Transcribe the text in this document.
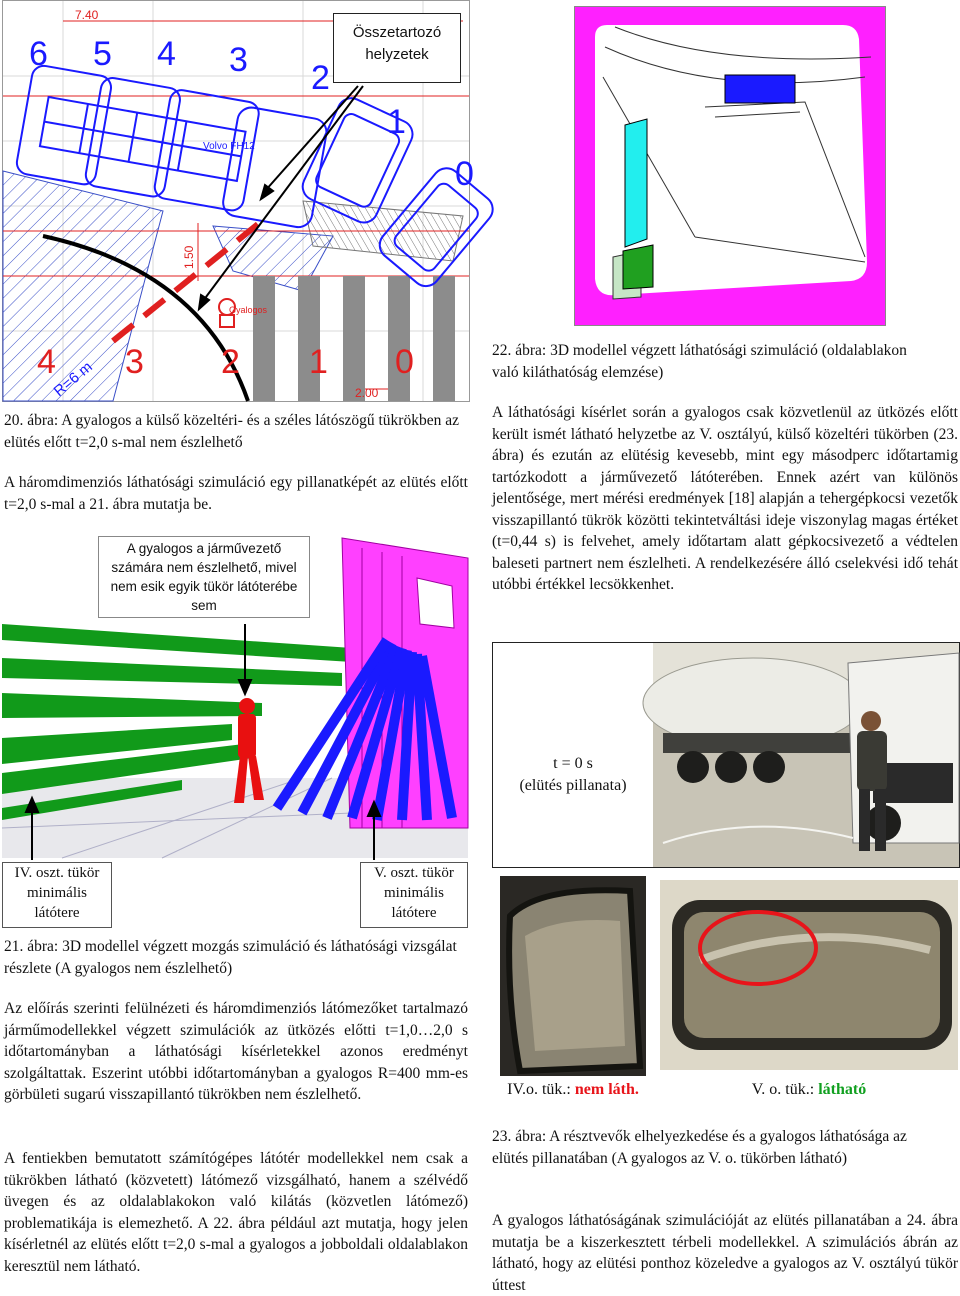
6 5 4 3 2
1
0
7.40
1.50
2.00
Volvo FH12
Gyalogos
R=6 m
4 3 2 1 0
Összetartozó helyzetek

20. ábra: A gyalogos a külső közeltéri- és a széles látószögű tükrökben az elütés előtt t=2,0 s-mal nem észlelhető

A háromdimenziós láthatósági szimuláció egy pillanatképét az elütés előtt t=2,0 s-mal a 21. ábra mutatja be.

A gyalogos a járművezető számára nem észlelhető, mivel nem esik egyik tükör látóterébe sem
IV. oszt. tükör minimális látótere
V. oszt. tükör minimális látótere

21. ábra: 3D modellel végzett mozgás szimuláció és láthatósági vizsgálat részlete (A gyalogos nem észlelhető)

Az előírás szerinti felülnézeti és háromdimenziós látómezőket tartalmazó járműmodellekkel végzett szimulációk az ütközés előtti t=1,0…2,0 s időtartományban a láthatósági kísérletekkel azonos eredményt szolgáltattak. Eszerint utóbbi időtartományban a gyalogos R=400 mm-es görbületi sugarú visszapillantó tükrökben nem észlelhető.

A fentiekben bemutatott számítógépes látótér modellekkel nem csak a tükrökben látható (közvetett) látómező vizsgálható, hanem a szélvédő üvegen és az oldalablakokon való kilátás (közvetlen látómező) problematikája is elemezhető. A 22. ábra például azt mutatja, hogy jelen kísérletnél az elütés előtt t=2,0 s-mal a gyalogos a jobboldali oldalablakon keresztül nem látható.

22. ábra: 3D modellel végzett láthatósági szimuláció (oldalablakon való kiláthatóság elemzése)

A láthatósági kísérlet során a gyalogos csak közvetlenül az ütközés előtt került ismét látható helyzetbe az V. osztályú, külső közeltéri tükörben (23. ábra) és ezután az elütésig kevesebb, mint egy másodperc időtartamig tartózkodott a járművezető látóterében. Ennek azért van különös jelentősége, mert mérési eredmények [18] alapján a tehergépkocsi vezetők visszapillantó tükrök közötti tekintetváltási ideje viszonylag magas értéket (t=0,44 s) is felvehet, amely időtartam alatt gépkocsivezető a védtelen baleseti partnert nem észlelheti. A rendelkezésére álló cselekvési idő tehát utóbbi értékkel lecsökkenhet.

t = 0 s
(elütés pillanata)
IV.o. tük.: nem láth.	V. o. tük.: látható

23. ábra: A résztvevők elhelyezkedése és a gyalogos láthatósága az elütés pillanatában (A gyalogos az V. o. tükörben látható)

A gyalogos láthatóságának szimulációját az elütés pillanatában a 24. ábra mutatja be a kiszerkesztett térbeli modellekkel. A szimulációs ábrán az látható, hogy az elütési ponthoz közeledve a gyalogos az V. osztályú tükör úttest
